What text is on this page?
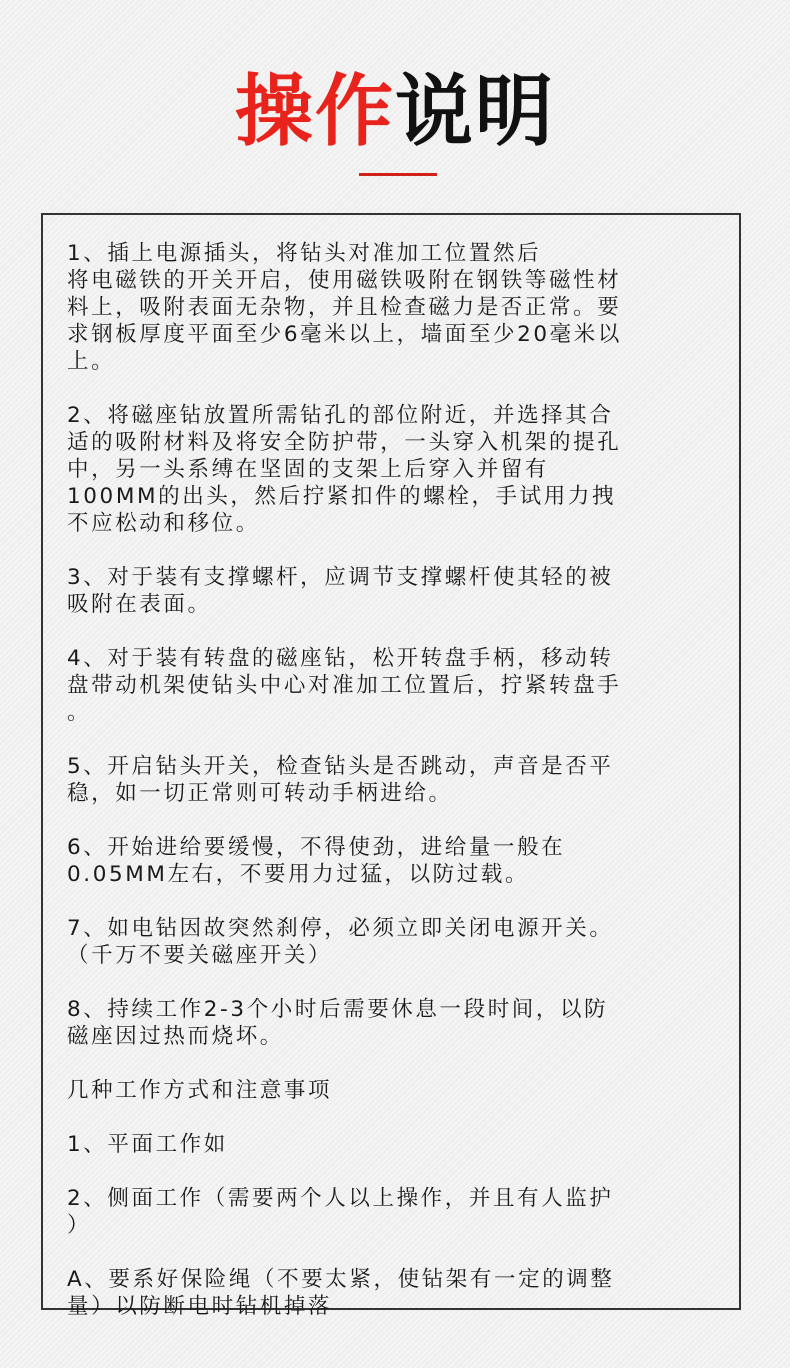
操作说明

1、插上电源插头，将钻头对准加工位置然后
将电磁铁的开关开启，使用磁铁吸附在钢铁等磁性材
料上，吸附表面无杂物，并且检查磁力是否正常。要
求钢板厚度平面至少6毫米以上，墙面至少20毫米以
上。

2、将磁座钻放置所需钻孔的部位附近，并选择其合
适的吸附材料及将安全防护带，一头穿入机架的提孔
中，另一头系缚在坚固的支架上后穿入并留有
100MM的出头，然后拧紧扣件的螺栓，手试用力拽
不应松动和移位。

3、对于装有支撑螺杆，应调节支撑螺杆使其轻的被
吸附在表面。

4、对于装有转盘的磁座钻，松开转盘手柄，移动转
盘带动机架使钻头中心对准加工位置后，拧紧转盘手
。

5、开启钻头开关，检查钻头是否跳动，声音是否平
稳，如一切正常则可转动手柄进给。

6、开始进给要缓慢，不得使劲，进给量一般在
0.05MM左右，不要用力过猛，以防过载。

7、如电钻因故突然刹停，必须立即关闭电源开关。
（千万不要关磁座开关）

8、持续工作2-3个小时后需要休息一段时间，以防
磁座因过热而烧坏。

几种工作方式和注意事项

1、平面工作如

2、侧面工作（需要两个人以上操作，并且有人监护
）

A、要系好保险绳（不要太紧，使钻架有一定的调整
量）以防断电时钻机掉落
